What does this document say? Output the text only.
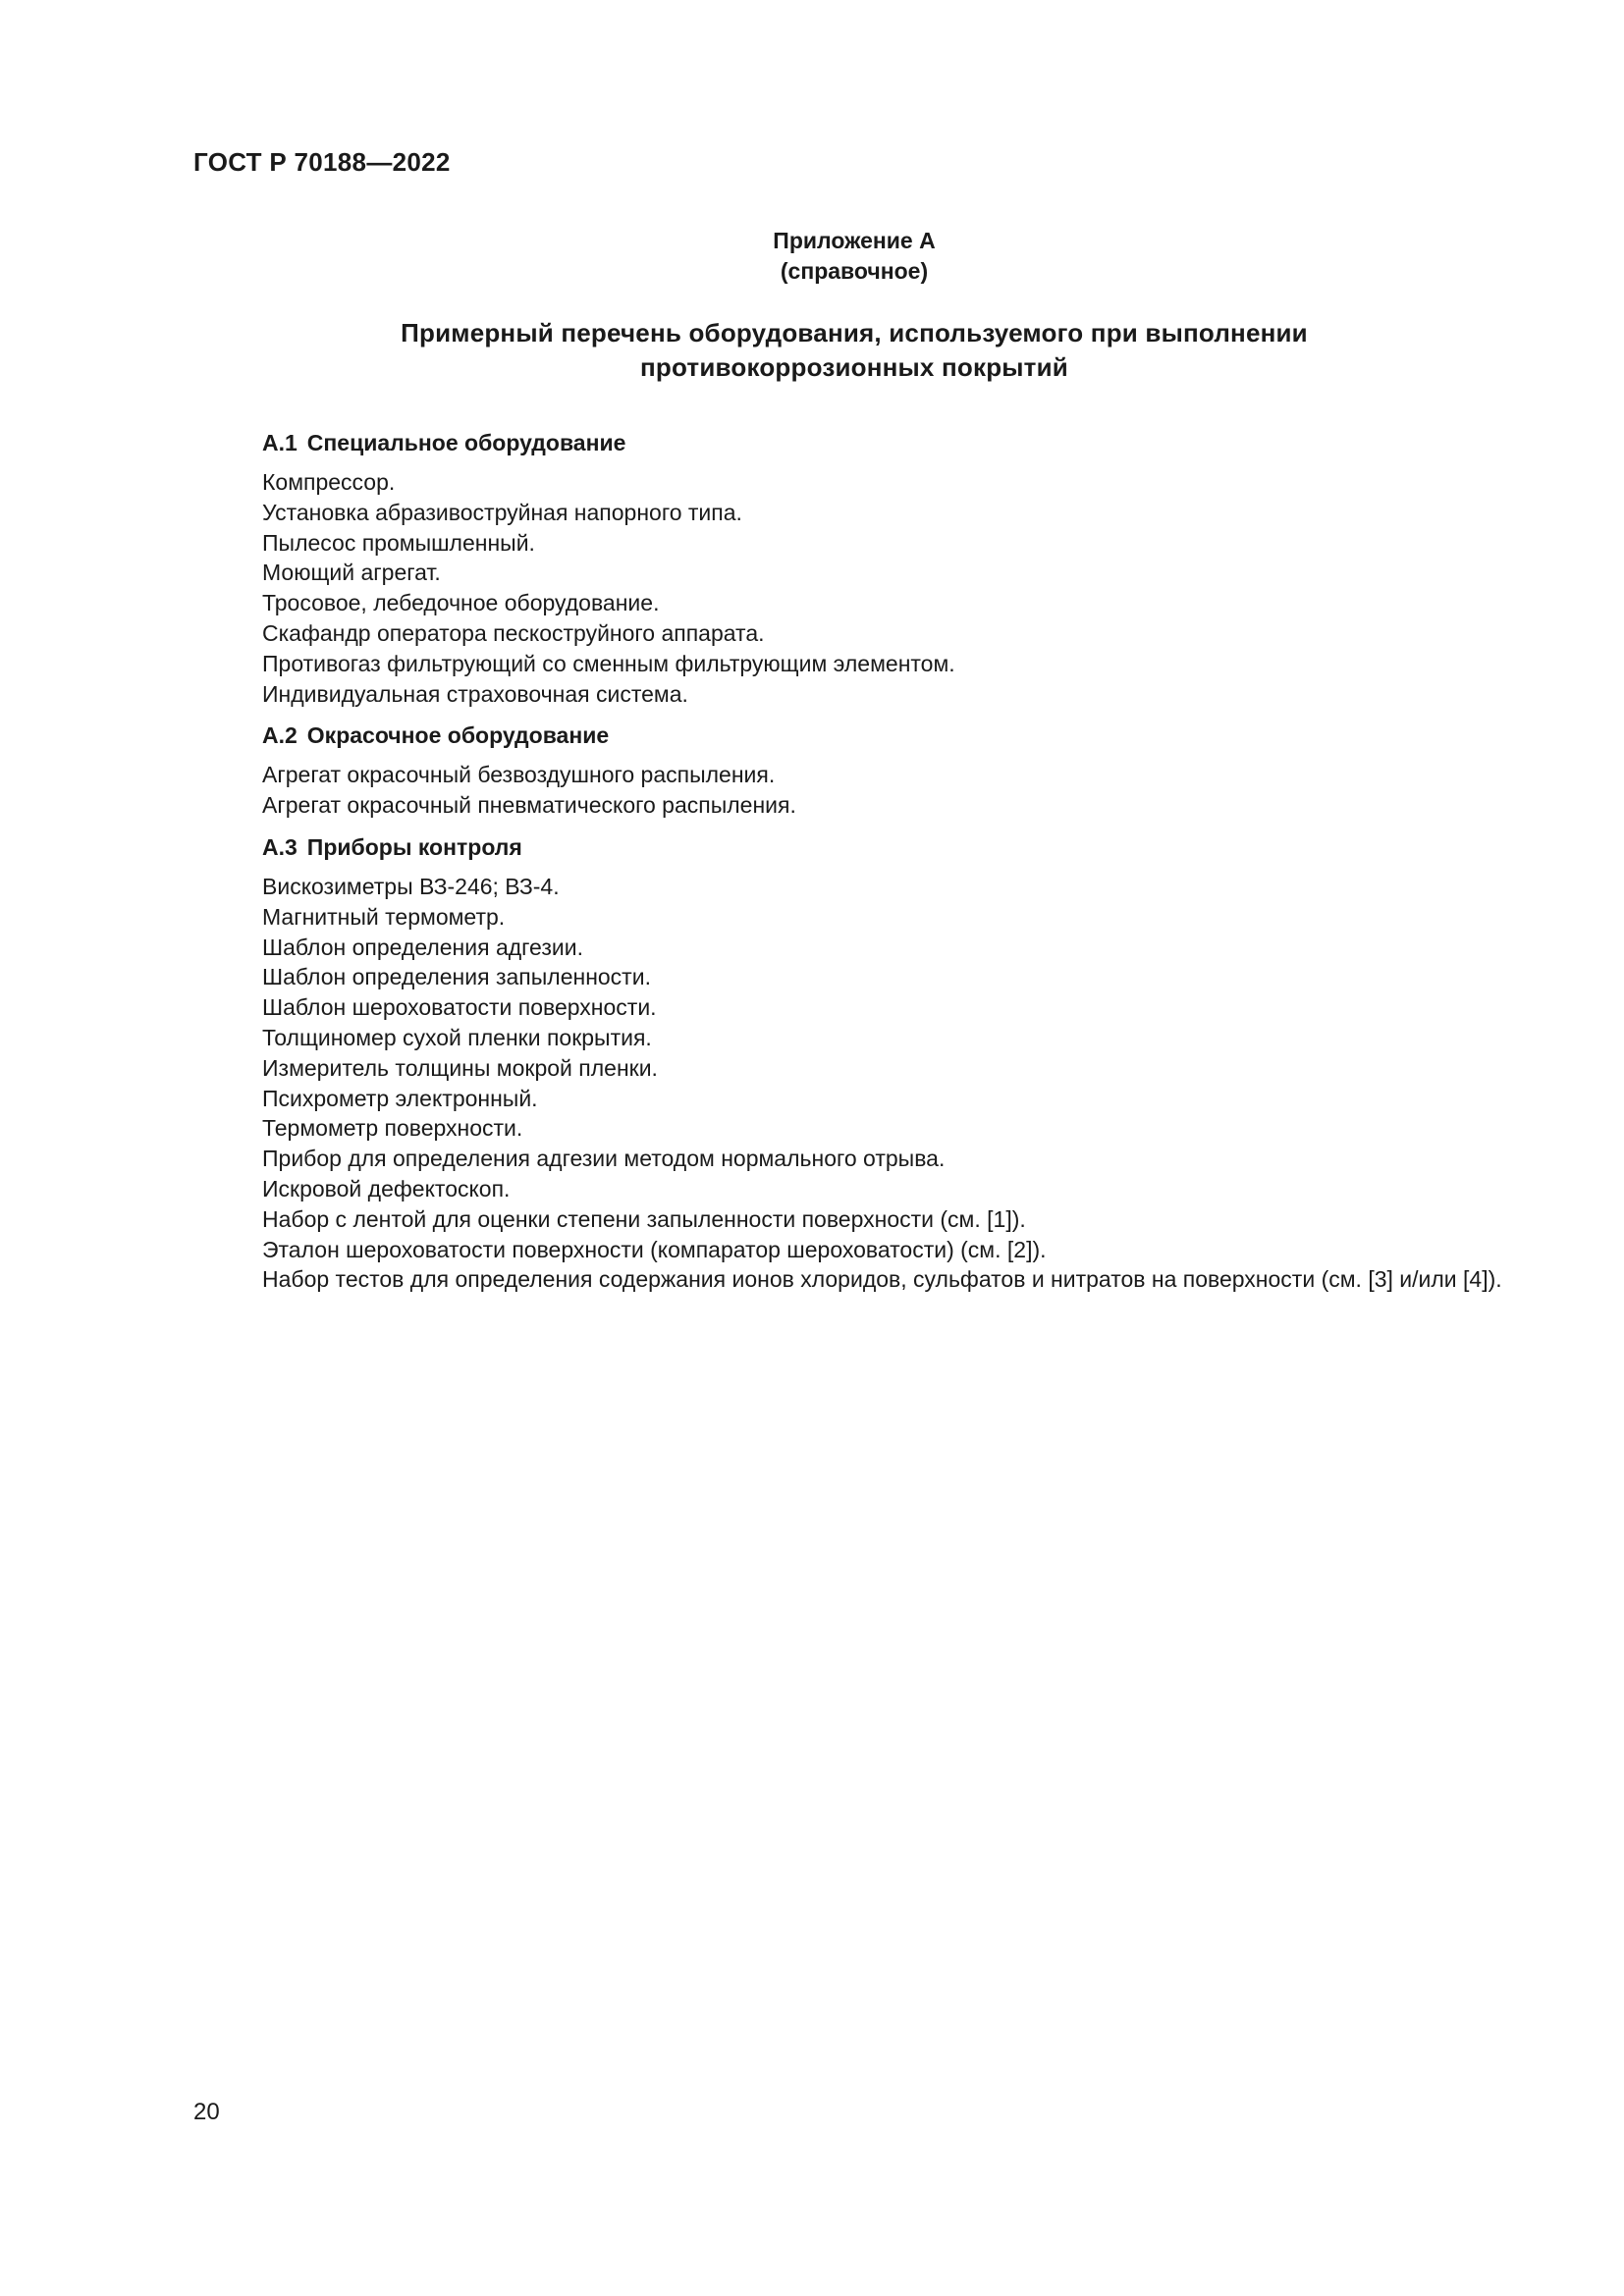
ГОСТ Р 70188—2022
Приложение А
(справочное)
Примерный перечень оборудования, используемого при выполнении
противокоррозионных покрытий

А.1 Специальное оборудование

Компрессор.

Установка абразивоструйная напорного типа.

Пылесос промышленный.

Моющий агрегат.

Тросовое, лебедочное оборудование.

Скафандр оператора пескоструйного аппарата.

Противогаз фильтрующий со сменным фильтрующим элементом.

Индивидуальная страховочная система.

А.2 Окрасочное оборудование

Агрегат окрасочный безвоздушного распыления.

Агрегат окрасочный пневматического распыления.

А.3 Приборы контроля

Вискозиметры ВЗ-246; ВЗ-4.

Магнитный термометр.

Шаблон определения адгезии.

Шаблон определения запыленности.

Шаблон шероховатости поверхности.

Толщиномер сухой пленки покрытия.

Измеритель толщины мокрой пленки.

Психрометр электронный.

Термометр поверхности.

Прибор для определения адгезии методом нормального отрыва.

Искровой дефектоскоп.

Набор с лентой для оценки степени запыленности поверхности (см. [1]).

Эталон шероховатости поверхности (компаратор шероховатости) (см. [2]).

Набор тестов для определения содержания ионов хлоридов, сульфатов и нитратов на поверхности (см. [3] и/или [4]).

20
